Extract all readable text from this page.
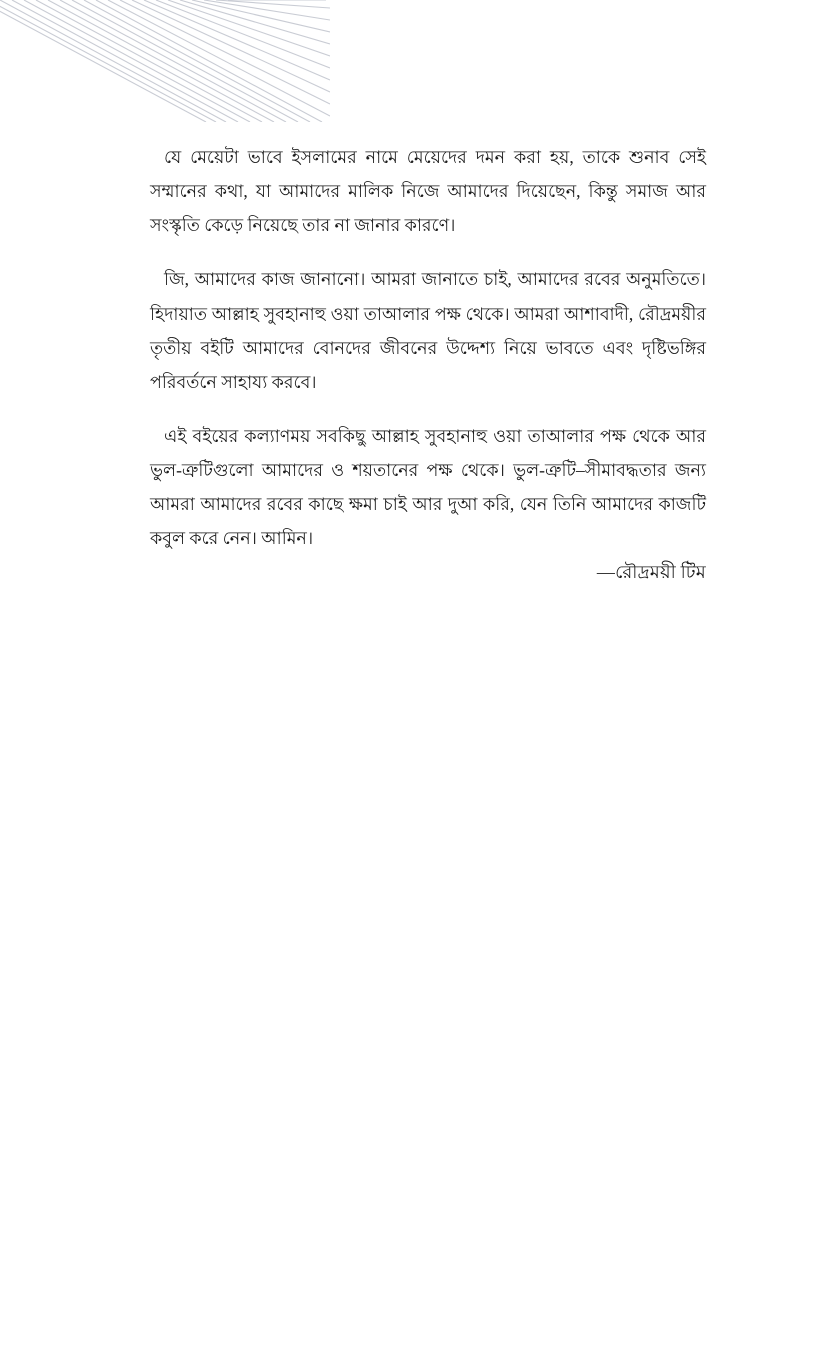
যে মেয়েটা ভাবে ইসলামের নামে মেয়েদের দমন করা হয়, তাকে শুনাব সেই সম্মানের কথা, যা আমাদের মালিক নিজে আমাদের দিয়েছেন, কিন্তু সমাজ আর সংস্কৃতি কেড়ে নিয়েছে তার না জানার কারণে।

জি, আমাদের কাজ জানানো। আমরা জানাতে চাই, আমাদের রবের অনুমতিতে। হিদায়াত আল্লাহ সুবহানাহু ওয়া তাআলার পক্ষ থেকে। আমরা আশাবাদী, রৌদ্রময়ীর তৃতীয় বইটি আমাদের বোনদের জীবনের উদ্দেশ্য নিয়ে ভাবতে এবং দৃষ্টিভঙ্গির পরিবর্তনে সাহায্য করবে।

এই বইয়ের কল্যাণময় সবকিছু আল্লাহ সুবহানাহু ওয়া তাআলার পক্ষ থেকে আর ভুল-ত্রুটিগুলো আমাদের ও শয়তানের পক্ষ থেকে। ভুল-ত্রুটি–সীমাবদ্ধতার জন্য আমরা আমাদের রবের কাছে ক্ষমা চাই আর দুআ করি, যেন তিনি আমাদের কাজটি কবুল করে নেন। আমিন।

—রৌদ্রময়ী টিম
